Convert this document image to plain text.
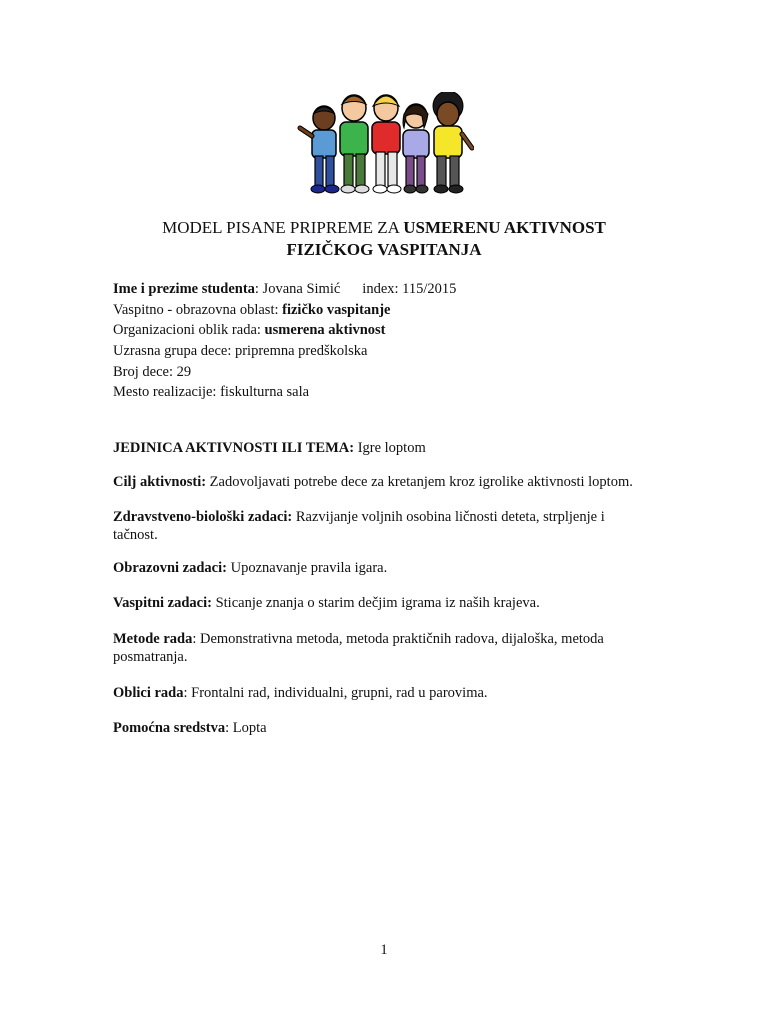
MODEL PISANE PRIPREME ZA USMERENU AKTIVNOST
FIZIČKOG VASPITANJA
Ime i prezime studenta: Jovana Simić index: 115/2015
Vaspitno - obrazovna oblast: fizičko vaspitanje
Organizacioni oblik rada: usmerena aktivnost
Uzrasna grupa dece: pripremna predškolska
Broj dece: 29
Mesto realizacije: fiskulturna sala
JEDINICA AKTIVNOSTI ILI TEMA: Igre loptom
Cilj aktivnosti: Zadovoljavati potrebe dece za kretanjem kroz igrolike aktivnosti loptom.
Zdravstveno-biološki zadaci: Razvijanje voljnih osobina ličnosti deteta, strpljenje i tačnost.
Obrazovni zadaci: Upoznavanje pravila igara.
Vaspitni zadaci: Sticanje znanja o starim dečjim igrama iz naših krajeva.
Metode rada: Demonstrativna metoda, metoda praktičnih radova, dijaloška, metoda posmatranja.
Oblici rada: Frontalni rad, individualni, grupni, rad u parovima.
Pomoćna sredstva: Lopta
1
